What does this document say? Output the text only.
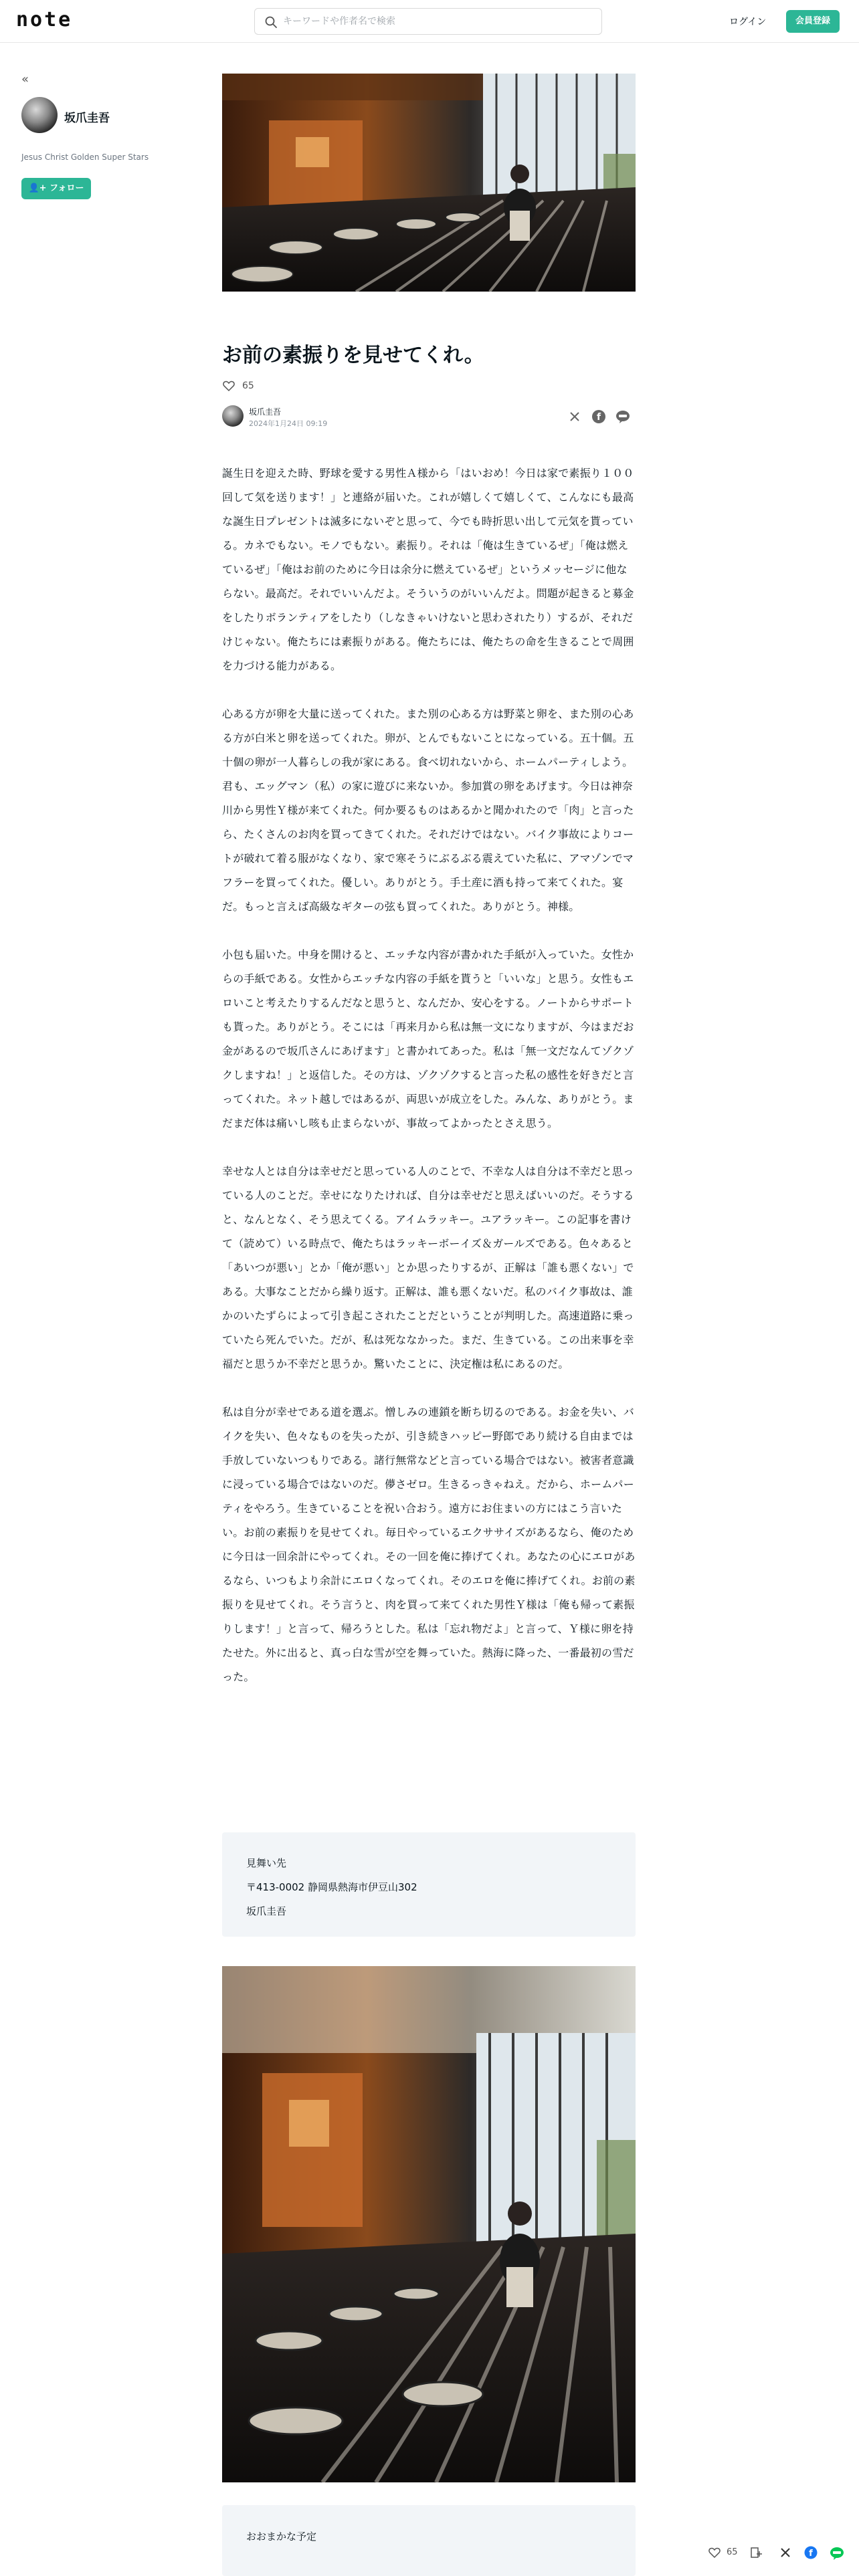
note
キーワードや作者名で検索	ログイン	会員登録
«
坂爪圭吾
Jesus Christ Golden Super Stars
👤+ フォロー
お前の素振りを見せてくれ。
65
坂爪圭吾
2024年1月24日 09:19
f

誕生日を迎えた時、野球を愛する男性Ａ様から「はいおめ！今日は家で素振り１００回して気を送ります！」と連絡が届いた。これが嬉しくて嬉しくて、こんなにも最高な誕生日プレゼントは滅多にないぞと思って、今でも時折思い出して元気を貰っている。カネでもない。モノでもない。素振り。それは「俺は生きているぜ」「俺は燃えているぜ」「俺はお前のために今日は余分に燃えているぜ」というメッセージに他ならない。最高だ。それでいいんだよ。そういうのがいいんだよ。問題が起きると募金をしたりボランティアをしたり（しなきゃいけないと思わされたり）するが、それだけじゃない。俺たちには素振りがある。俺たちには、俺たちの命を生きることで周囲を力づける能力がある。

心ある方が卵を大量に送ってくれた。また別の心ある方は野菜と卵を、また別の心ある方が白米と卵を送ってくれた。卵が、とんでもないことになっている。五十個。五十個の卵が一人暮らしの我が家にある。食べ切れないから、ホームパーティしよう。君も、エッグマン（私）の家に遊びに来ないか。参加賞の卵をあげます。今日は神奈川から男性Ｙ様が来てくれた。何か要るものはあるかと聞かれたので「肉」と言ったら、たくさんのお肉を買ってきてくれた。それだけではない。バイク事故によりコートが破れて着る服がなくなり、家で寒そうにぶるぶる震えていた私に、アマゾンでマフラーを買ってくれた。優しい。ありがとう。手土産に酒も持って来てくれた。宴だ。もっと言えば高級なギターの弦も買ってくれた。ありがとう。神様。

小包も届いた。中身を開けると、エッチな内容が書かれた手紙が入っていた。女性からの手紙である。女性からエッチな内容の手紙を貰うと「いいな」と思う。女性もエロいこと考えたりするんだなと思うと、なんだか、安心をする。ノートからサポートも貰った。ありがとう。そこには「再来月から私は無一文になりますが、今はまだお金があるので坂爪さんにあげます」と書かれてあった。私は「無一文だなんてゾクゾクしますね！」と返信した。その方は、ゾクゾクすると言った私の感性を好きだと言ってくれた。ネット越しではあるが、両思いが成立をした。みんな、ありがとう。まだまだ体は痛いし咳も止まらないが、事故ってよかったとさえ思う。

幸せな人とは自分は幸せだと思っている人のことで、不幸な人は自分は不幸だと思っている人のことだ。幸せになりたければ、自分は幸せだと思えばいいのだ。そうすると、なんとなく、そう思えてくる。アイムラッキー。ユアラッキー。この記事を書けて（読めて）いる時点で、俺たちはラッキーボーイズ＆ガールズである。色々あると「あいつが悪い」とか「俺が悪い」とか思ったりするが、正解は「誰も悪くない」である。大事なことだから繰り返す。正解は、誰も悪くないだ。私のバイク事故は、誰かのいたずらによって引き起こされたことだということが判明した。高速道路に乗っていたら死んでいた。だが、私は死ななかった。まだ、生きている。この出来事を幸福だと思うか不幸だと思うか。驚いたことに、決定権は私にあるのだ。

私は自分が幸せである道を選ぶ。憎しみの連鎖を断ち切るのである。お金を失い、バイクを失い、色々なものを失ったが、引き続きハッピー野郎であり続ける自由までは手放していないつもりである。諸行無常などと言っている場合ではない。被害者意識に浸っている場合ではないのだ。儚さゼロ。生きるっきゃねえ。だから、ホームパーティをやろう。生きていることを祝い合おう。遠方にお住まいの方にはこう言いたい。お前の素振りを見せてくれ。毎日やっているエクササイズがあるなら、俺のために今日は一回余計にやってくれ。その一回を俺に捧げてくれ。あなたの心にエロがあるなら、いつもより余計にエロくなってくれ。そのエロを俺に捧げてくれ。お前の素振りを見せてくれ。そう言うと、肉を買って来てくれた男性Ｙ様は「俺も帰って素振りします！」と言って、帰ろうとした。私は「忘れ物だよ」と言って、Ｙ様に卵を持たせた。外に出ると、真っ白な雪が空を舞っていた。熱海に降った、一番最初の雪だった。

見舞い先
〒413-0002 静岡県熱海市伊豆山302
坂爪圭吾
おおまかな予定
65	f
